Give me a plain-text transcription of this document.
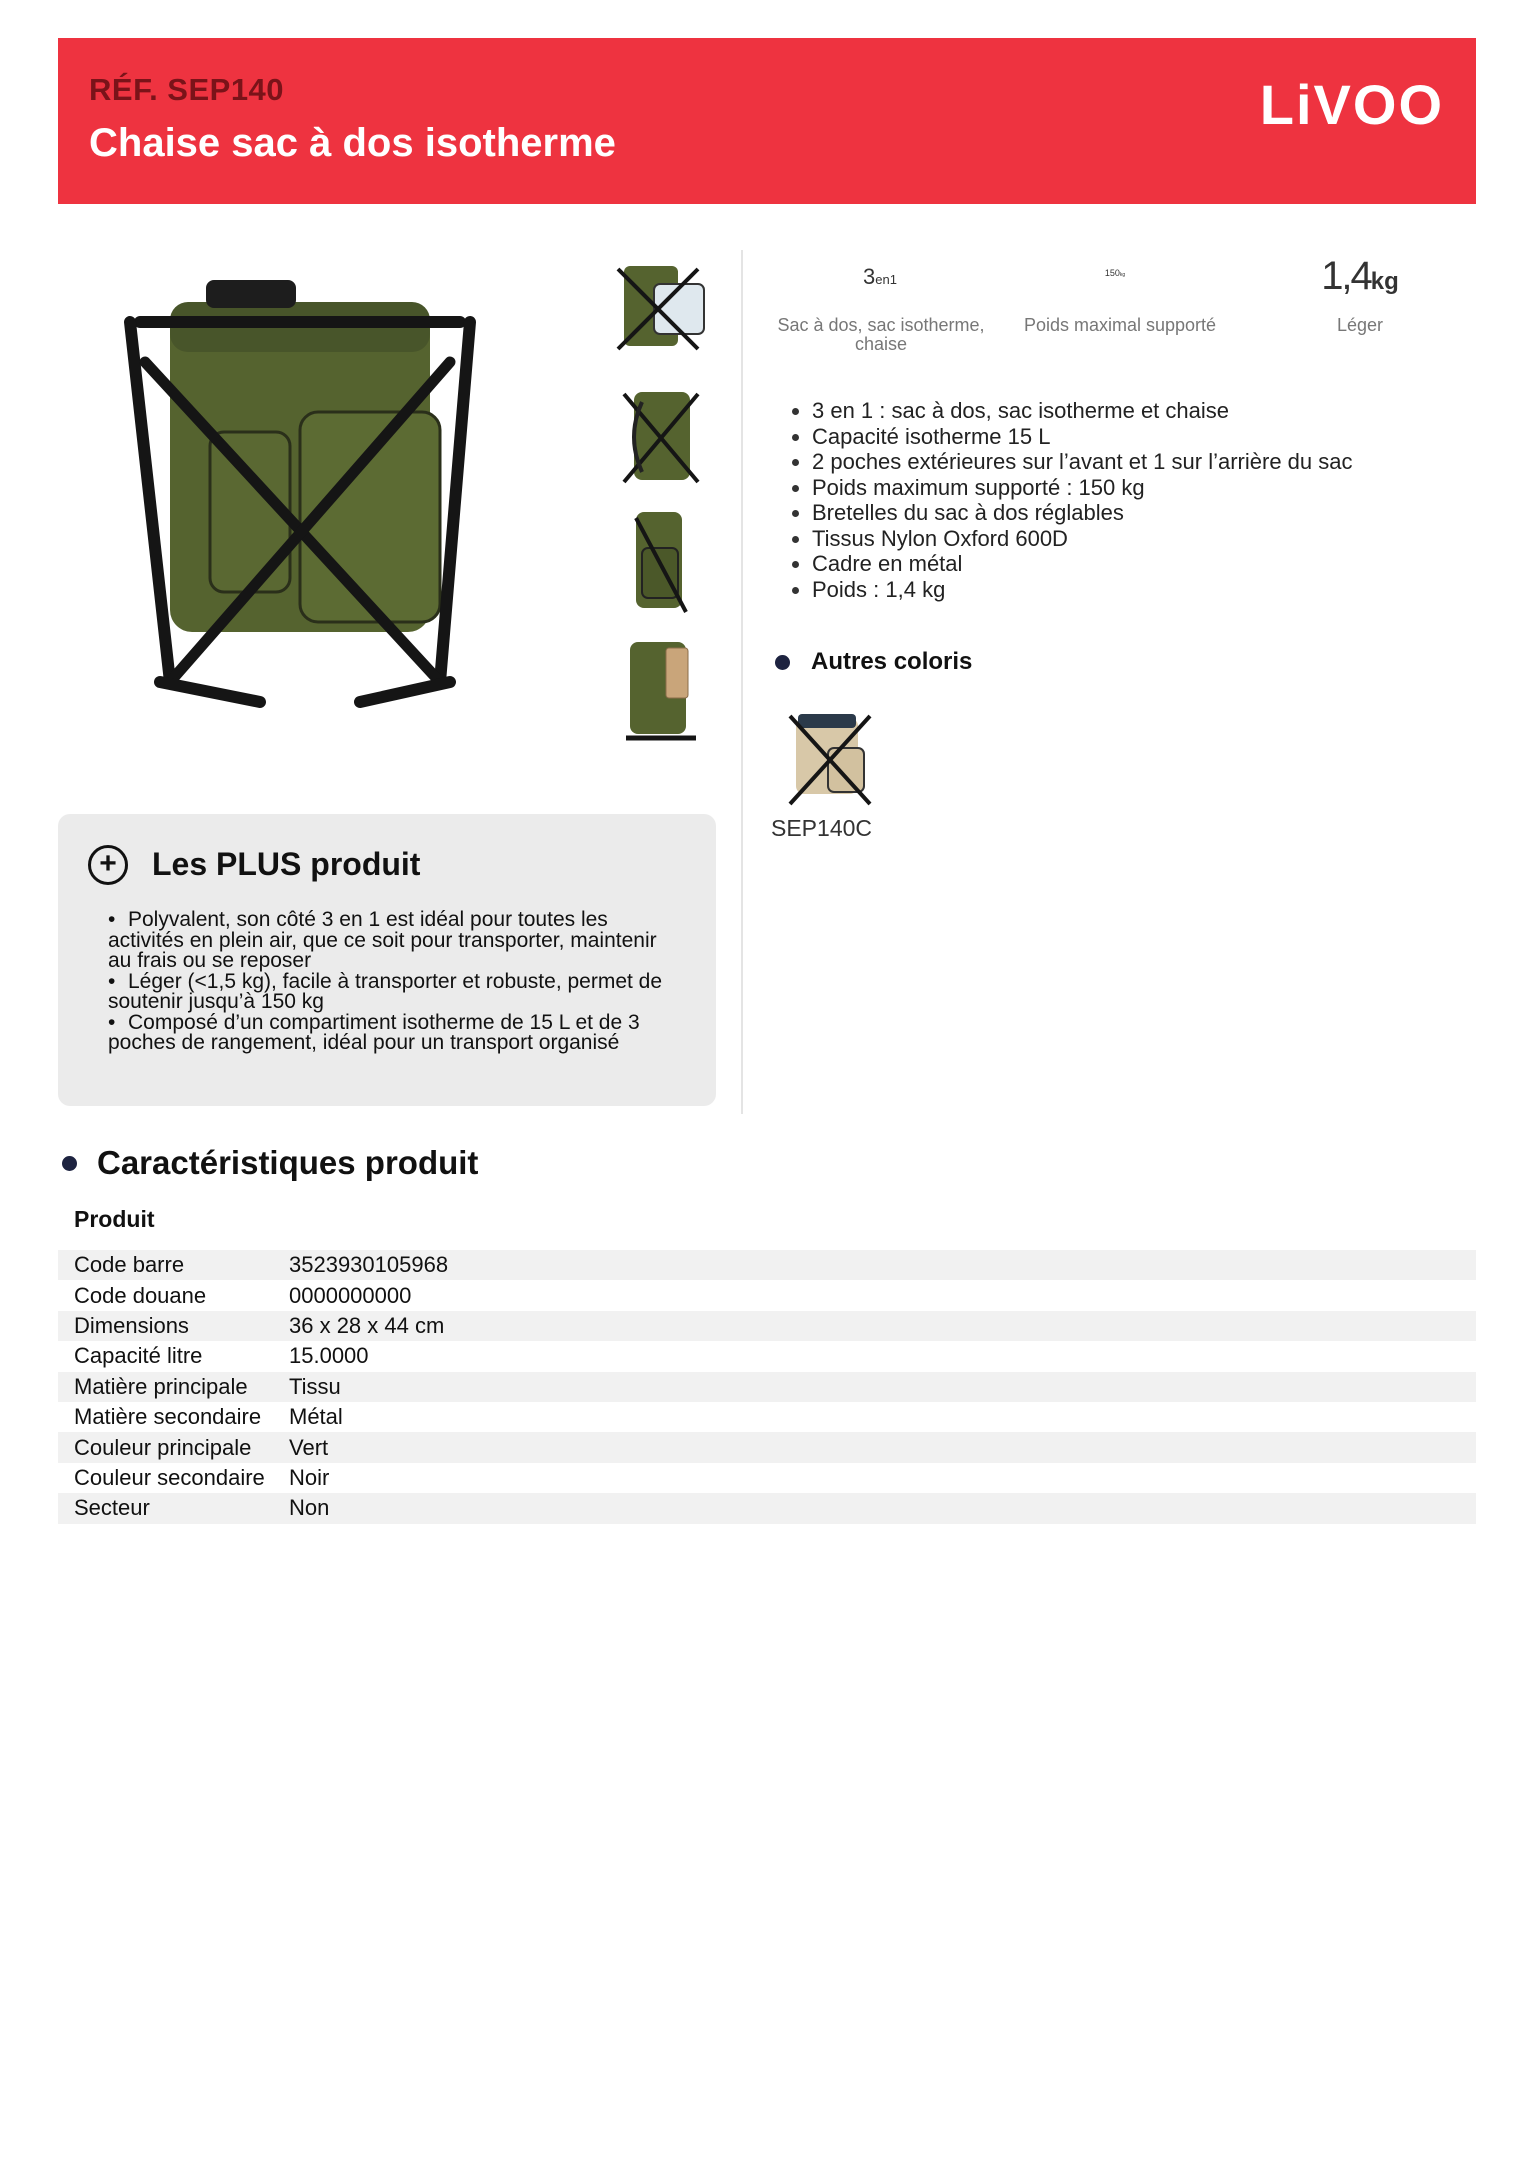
RÉF. SEP140
Chaise sac à dos isotherme
LiVOO
3en1
Sac à dos, sac isotherme, chaise
150kg
Poids maximal supporté
1,4kg
Léger
3 en 1 : sac à dos, sac isotherme et chaise
Capacité isotherme 15 L
2 poches extérieures sur l’avant et 1 sur l’arrière du sac
Poids maximum supporté : 150 kg
Bretelles du sac à dos réglables
Tissus Nylon Oxford 600D
Cadre en métal
Poids : 1,4 kg
Autres coloris
SEP140C
+	Les PLUS produit
• Polyvalent, son côté 3 en 1 est idéal pour toutes les activités en plein air, que ce soit pour transporter, maintenir au frais ou se reposer
• Léger (<1,5 kg), facile à transporter et robuste, permet de soutenir jusqu’à 150 kg
• Composé d’un compartiment isotherme de 15 L et de 3 poches de rangement, idéal pour un transport organisé
Caractéristiques produit
Produit
Code barre	3523930105968
Code douane	0000000000
Dimensions	36 x 28 x 44 cm
Capacité litre	15.0000
Matière principale	Tissu
Matière secondaire	Métal
Couleur principale	Vert
Couleur secondaire	Noir
Secteur	Non
